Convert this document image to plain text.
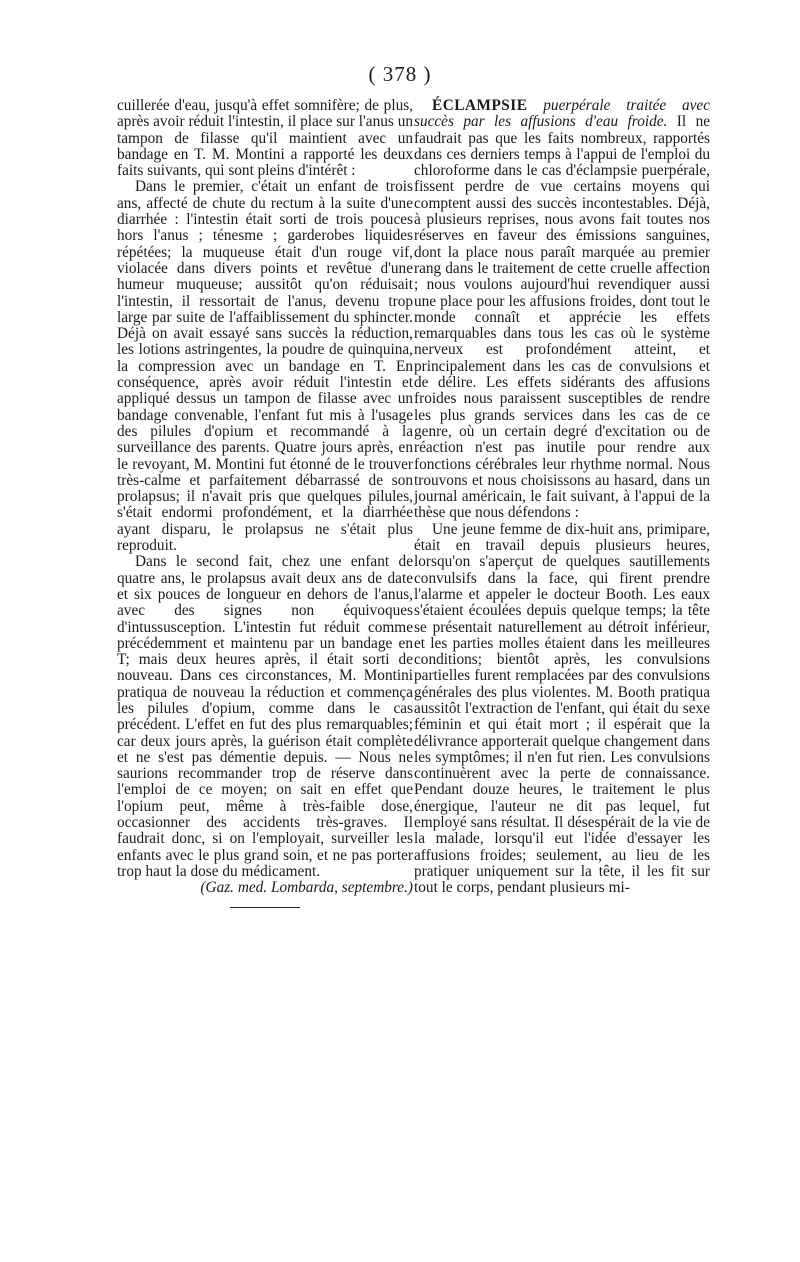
( 378 )

cuillerée d'eau, jusqu'à effet somnifère; de plus, après avoir réduit l'intestin, il place sur l'anus un tampon de filasse qu'il maintient avec un bandage en T. M. Montini a rapporté les deux faits suivants, qui sont pleins d'intérêt :

Dans le premier, c'était un enfant de trois ans, affecté de chute du rectum à la suite d'une diarrhée : l'intestin était sorti de trois pouces hors l'anus ; ténesme ; garderobes liquides répétées; la muqueuse était d'un rouge vif, violacée dans divers points et revêtue d'une humeur muqueuse; aussitôt qu'on réduisait l'intestin, il ressortait de l'anus, devenu trop large par suite de l'affaiblissement du sphincter. Déjà on avait essayé sans succès la réduction, les lotions astringentes, la poudre de quinquina, la compression avec un bandage en T. En conséquence, après avoir réduit l'intestin et appliqué dessus un tampon de filasse avec un bandage convenable, l'enfant fut mis à l'usage des pilules d'opium et recommandé à la surveillance des parents. Quatre jours après, en le revoyant, M. Montini fut étonné de le trouver très-calme et parfaitement débarrassé de son prolapsus; il n'avait pris que quelques pilules, s'était endormi profondément, et la diarrhée ayant disparu, le prolapsus ne s'était plus reproduit.

Dans le second fait, chez une enfant de quatre ans, le prolapsus avait deux ans de date et six pouces de longueur en dehors de l'anus, avec des signes non équivoques d'intussusception. L'intestin fut réduit comme précédemment et maintenu par un bandage en T; mais deux heures après, il était sorti de nouveau. Dans ces circonstances, M. Montini pratiqua de nouveau la réduction et commença les pilules d'opium, comme dans le cas précédent. L'effet en fut des plus remarquables; car deux jours après, la guérison était complète et ne s'est pas démentie depuis. — Nous ne saurions recommander trop de réserve dans l'emploi de ce moyen; on sait en effet que l'opium peut, même à très-faible dose, occasionner des accidents très-graves. Il faudrait donc, si on l'employait, surveiller les enfants avec le plus grand soin, et ne pas porter trop haut la dose du médicament.

(Gaz. med. Lombarda, septembre.)

ÉCLAMPSIE puerpérale traitée avec succès par les affusions d'eau froide. Il ne faudrait pas que les faits nombreux, rapportés dans ces derniers temps à l'appui de l'emploi du chloroforme dans le cas d'éclampsie puerpérale, fissent perdre de vue certains moyens qui comptent aussi des succès incontestables. Déjà, à plusieurs reprises, nous avons fait toutes nos réserves en faveur des émissions sanguines, dont la place nous paraît marquée au premier rang dans le traitement de cette cruelle affection ; nous voulons aujourd'hui revendiquer aussi une place pour les affusions froides, dont tout le monde connaît et apprécie les effets remarquables dans tous les cas où le système nerveux est profondément atteint, et principalement dans les cas de convulsions et de délire. Les effets sidérants des affusions froides nous paraissent susceptibles de rendre les plus grands services dans les cas de ce genre, où un certain degré d'excitation ou de réaction n'est pas inutile pour rendre aux fonctions cérébrales leur rhythme normal. Nous trouvons et nous choisissons au hasard, dans un journal américain, le fait suivant, à l'appui de la thèse que nous défendons :

Une jeune femme de dix-huit ans, primipare, était en travail depuis plusieurs heures, lorsqu'on s'aperçut de quelques sautillements convulsifs dans la face, qui firent prendre l'alarme et appeler le docteur Booth. Les eaux s'étaient écoulées depuis quelque temps; la tête se présentait naturellement au détroit inférieur, et les parties molles étaient dans les meilleures conditions; bientôt après, les convulsions partielles furent remplacées par des convulsions générales des plus violentes. M. Booth pratiqua aussitôt l'extraction de l'enfant, qui était du sexe féminin et qui était mort ; il espérait que la délivrance apporterait quelque changement dans les symptômes; il n'en fut rien. Les convulsions continuèrent avec la perte de connaissance. Pendant douze heures, le traitement le plus énergique, l'auteur ne dit pas lequel, fut employé sans résultat. Il désespérait de la vie de la malade, lorsqu'il eut l'idée d'essayer les affusions froides; seulement, au lieu de les pratiquer uniquement sur la tête, il les fit sur tout le corps, pendant plusieurs mi-
